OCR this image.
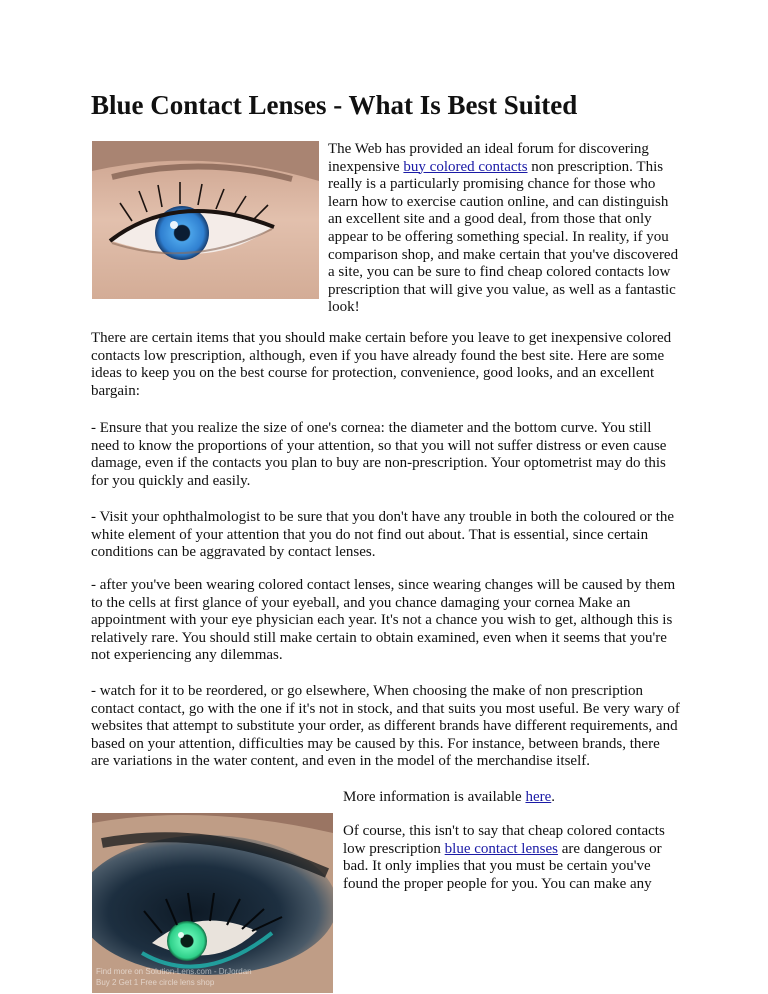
Blue Contact Lenses - What Is Best Suited

The Web has provided an ideal forum for discovering inexpensive buy colored contacts non prescription. This really is a particularly promising chance for those who learn how to exercise caution online, and can distinguish an excellent site and a good deal, from those that only appear to be offering something special. In reality, if you comparison shop, and make certain that you've discovered a site, you can be sure to find cheap colored contacts low prescription that will give you value, as well as a fantastic look!

There are certain items that you should make certain before you leave to get inexpensive colored contacts low prescription, although, even if you have already found the best site. Here are some ideas to keep you on the best course for protection, convenience, good looks, and an excellent bargain:

- Ensure that you realize the size of one's cornea: the diameter and the bottom curve. You still need to know the proportions of your attention, so that you will not suffer distress or even cause damage, even if the contacts you plan to buy are non-prescription. Your optometrist may do this for you quickly and easily.

- Visit your ophthalmologist to be sure that you don't have any trouble in both the coloured or the white element of your attention that you do not find out about. That is essential, since certain conditions can be aggravated by contact lenses.

- after you've been wearing colored contact lenses, since wearing changes will be caused by them to the cells at first glance of your eyeball, and you chance damaging your cornea Make an appointment with your eye physician each year. It's not a chance you wish to get, although this is relatively rare. You should still make certain to obtain examined, even when it seems that you're not experiencing any dilemmas.

- watch for it to be reordered, or go elsewhere, When choosing the make of non prescription contact contact, go with the one if it's not in stock, and that suits you most useful. Be very wary of websites that attempt to substitute your order, as different brands have different requirements, and based on your attention, difficulties may be caused by this. For instance, between brands, there are variations in the water content, and even in the model of the merchandise itself.

More information is available here.

Find more on Solution-Lens.com - DrJordan
Buy 2 Get 1 Free circle lens shop

Of course, this isn't to say that cheap colored contacts low prescription blue contact lenses are dangerous or bad. It only implies that you must be certain you've found the proper people for you. You can make any
